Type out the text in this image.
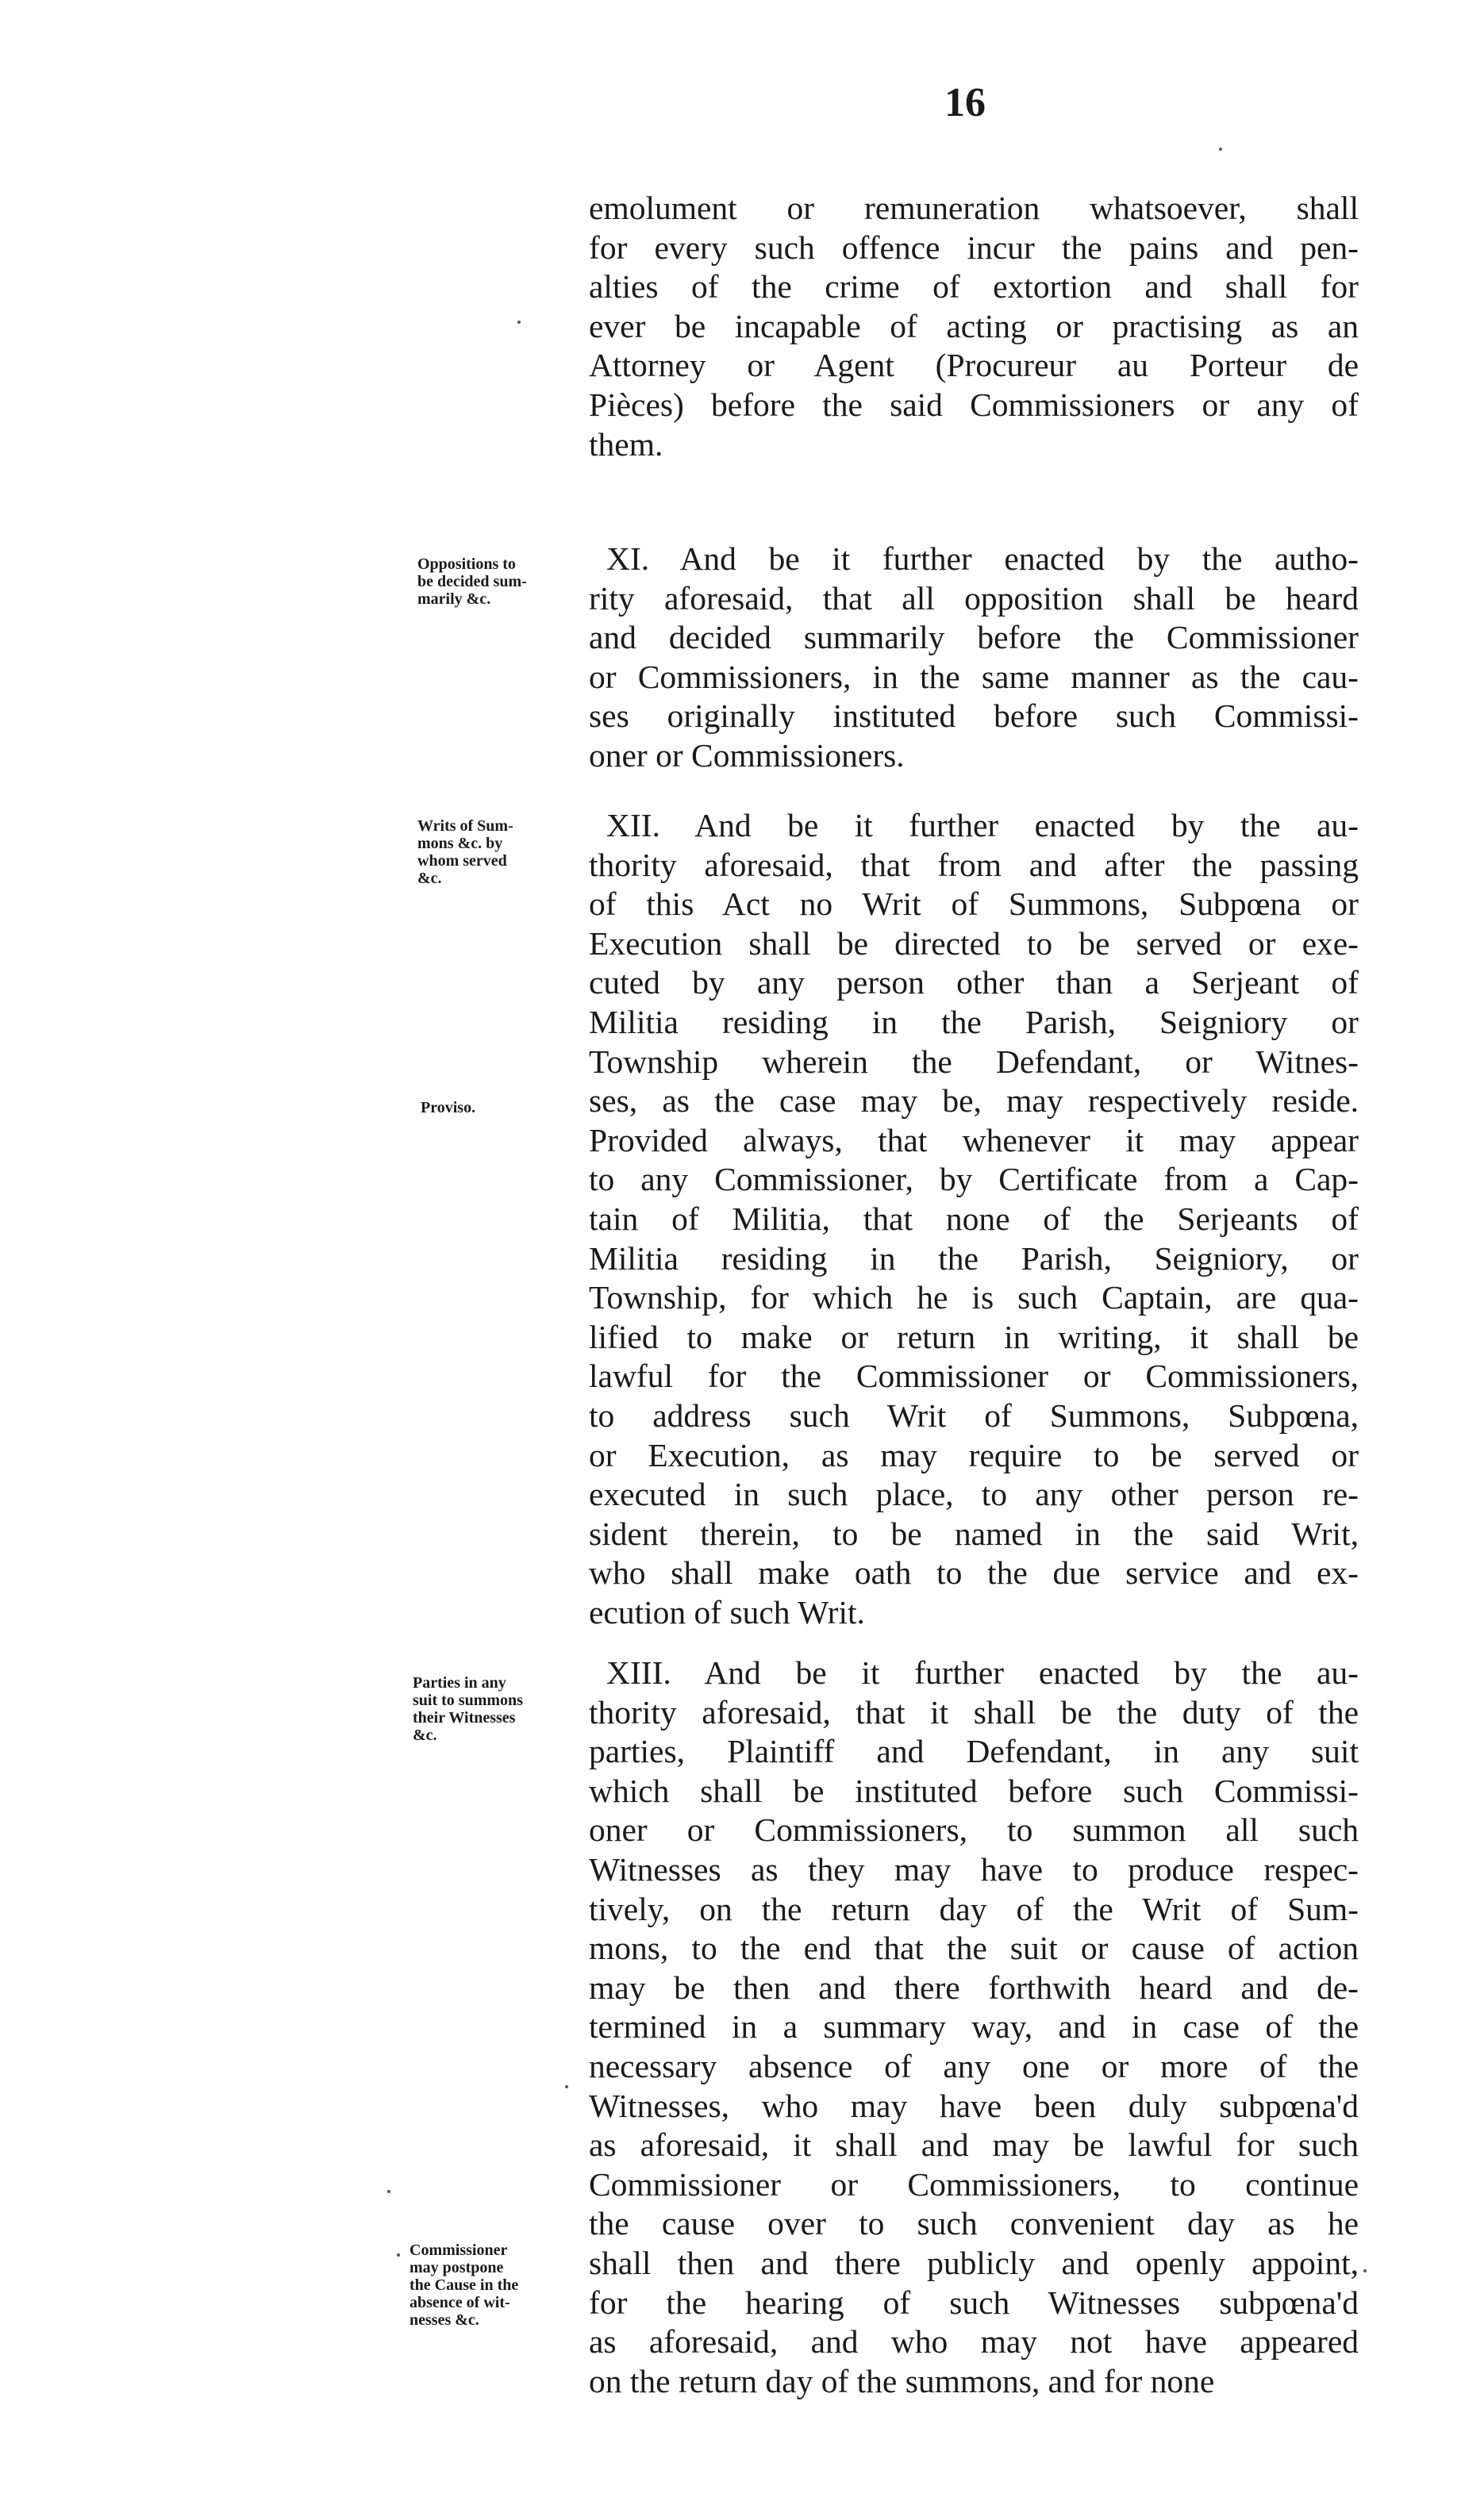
16
emolument or remuneration whatsoever, shall
for every such offence incur the pains and pen-
alties of the crime of extortion and shall for
ever be incapable of acting or practising as an
Attorney or Agent (Procureur au Porteur de
Pièces) before the said Commissioners or any of
them.
XI. And be it further enacted by the autho-
rity aforesaid, that all opposition shall be heard
and decided summarily before the Commissioner
or Commissioners, in the same manner as the cau-
ses originally instituted before such Commissi-
oner or Commissioners.
XII. And be it further enacted by the au-
thority aforesaid, that from and after the passing
of this Act no Writ of Summons, Subpœna or
Execution shall be directed to be served or exe-
cuted by any person other than a Serjeant of
Militia residing in the Parish, Seigniory or
Township wherein the Defendant, or Witnes-
ses, as the case may be, may respectively reside.
Provided always, that whenever it may appear
to any Commissioner, by Certificate from a Cap-
tain of Militia, that none of the Serjeants of
Militia residing in the Parish, Seigniory, or
Township, for which he is such Captain, are qua-
lified to make or return in writing, it shall be
lawful for the Commissioner or Commissioners,
to address such Writ of Summons, Subpœna,
or Execution, as may require to be served or
executed in such place, to any other person re-
sident therein, to be named in the said Writ,
who shall make oath to the due service and ex-
ecution of such Writ.
XIII. And be it further enacted by the au-
thority aforesaid, that it shall be the duty of the
parties, Plaintiff and Defendant, in any suit
which shall be instituted before such Commissi-
oner or Commissioners, to summon all such
Witnesses as they may have to produce respec-
tively, on the return day of the Writ of Sum-
mons, to the end that the suit or cause of action
may be then and there forthwith heard and de-
termined in a summary way, and in case of the
necessary absence of any one or more of the
Witnesses, who may have been duly subpœna'd
as aforesaid, it shall and may be lawful for such
Commissioner or Commissioners, to continue
the cause over to such convenient day as he
shall then and there publicly and openly appoint,
for the hearing of such Witnesses subpœna'd
as aforesaid, and who may not have appeared
on the return day of the summons, and for none
Oppositions to
be decided sum-
marily &c.
Writs of Sum-
mons &c. by
whom served
&c.
Proviso.
Parties in any
suit to summons
their Witnesses
&c.
Commissioner
may postpone
the Cause in the
absence of wit-
nesses &c.
